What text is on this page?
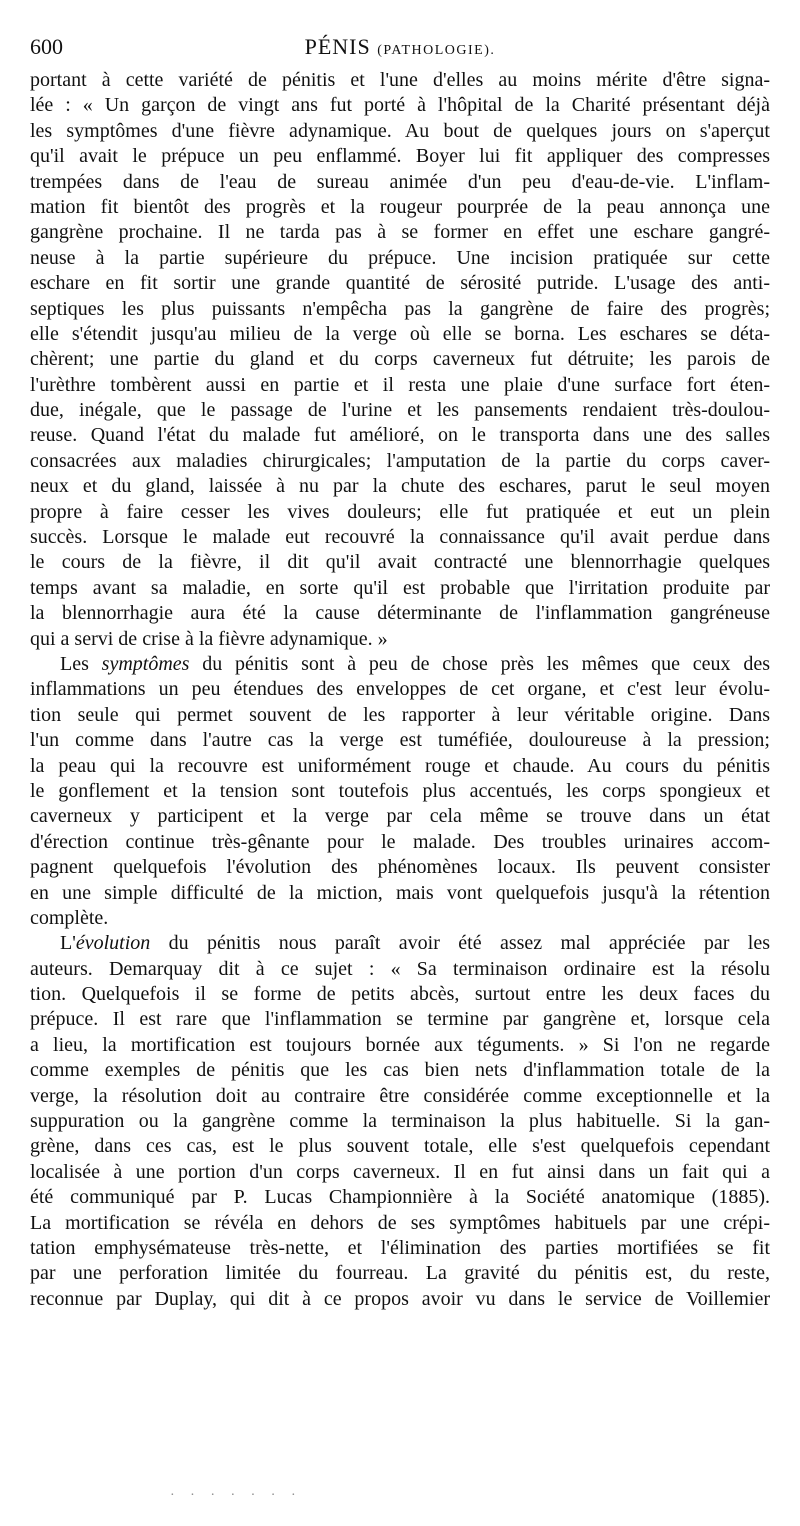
600	PÉNIS (PATHOLOGIE).
portant à cette variété de pénitis et l'une d'elles au moins mérite d'être signa-
lée : « Un garçon de vingt ans fut porté à l'hôpital de la Charité présentant déjà
les symptômes d'une fièvre adynamique. Au bout de quelques jours on s'aperçut
qu'il avait le prépuce un peu enflammé. Boyer lui fit appliquer des compresses
trempées dans de l'eau de sureau animée d'un peu d'eau-de-vie. L'inflam-
mation fit bientôt des progrès et la rougeur pourprée de la peau annonça une
gangrène prochaine. Il ne tarda pas à se former en effet une eschare gangré-
neuse à la partie supérieure du prépuce. Une incision pratiquée sur cette
eschare en fit sortir une grande quantité de sérosité putride. L'usage des anti-
septiques les plus puissants n'empêcha pas la gangrène de faire des progrès;
elle s'étendit jusqu'au milieu de la verge où elle se borna. Les eschares se déta-
chèrent; une partie du gland et du corps caverneux fut détruite; les parois de
l'urèthre tombèrent aussi en partie et il resta une plaie d'une surface fort éten-
due, inégale, que le passage de l'urine et les pansements rendaient très-doulou-
reuse. Quand l'état du malade fut amélioré, on le transporta dans une des salles
consacrées aux maladies chirurgicales; l'amputation de la partie du corps caver-
neux et du gland, laissée à nu par la chute des eschares, parut le seul moyen
propre à faire cesser les vives douleurs; elle fut pratiquée et eut un plein
succès. Lorsque le malade eut recouvré la connaissance qu'il avait perdue dans
le cours de la fièvre, il dit qu'il avait contracté une blennorrhagie quelques
temps avant sa maladie, en sorte qu'il est probable que l'irritation produite par
la blennorrhagie aura été la cause déterminante de l'inflammation gangréneuse
qui a servi de crise à la fièvre adynamique. »
Les symptômes du pénitis sont à peu de chose près les mêmes que ceux des
inflammations un peu étendues des enveloppes de cet organe, et c'est leur évolu-
tion seule qui permet souvent de les rapporter à leur véritable origine. Dans
l'un comme dans l'autre cas la verge est tuméfiée, douloureuse à la pression;
la peau qui la recouvre est uniformément rouge et chaude. Au cours du pénitis
le gonflement et la tension sont toutefois plus accentués, les corps spongieux et
caverneux y participent et la verge par cela même se trouve dans un état
d'érection continue très-gênante pour le malade. Des troubles urinaires accom-
pagnent quelquefois l'évolution des phénomènes locaux. Ils peuvent consister
en une simple difficulté de la miction, mais vont quelquefois jusqu'à la rétention
complète.
L'évolution du pénitis nous paraît avoir été assez mal appréciée par les
auteurs. Demarquay dit à ce sujet : « Sa terminaison ordinaire est la résolu
tion. Quelquefois il se forme de petits abcès, surtout entre les deux faces du
prépuce. Il est rare que l'inflammation se termine par gangrène et, lorsque cela
a lieu, la mortification est toujours bornée aux téguments. » Si l'on ne regarde
comme exemples de pénitis que les cas bien nets d'inflammation totale de la
verge, la résolution doit au contraire être considérée comme exceptionnelle et la
suppuration ou la gangrène comme la terminaison la plus habituelle. Si la gan-
grène, dans ces cas, est le plus souvent totale, elle s'est quelquefois cependant
localisée à une portion d'un corps caverneux. Il en fut ainsi dans un fait qui a
été communiqué par P. Lucas Championnière à la Société anatomique (1885).
La mortification se révéla en dehors de ses symptômes habituels par une crépi-
tation emphysémateuse très-nette, et l'élimination des parties mortifiées se fit
par une perforation limitée du fourreau. La gravité du pénitis est, du reste,
reconnue par Duplay, qui dit à ce propos avoir vu dans le service de Voillemier
· · · · · · ·
